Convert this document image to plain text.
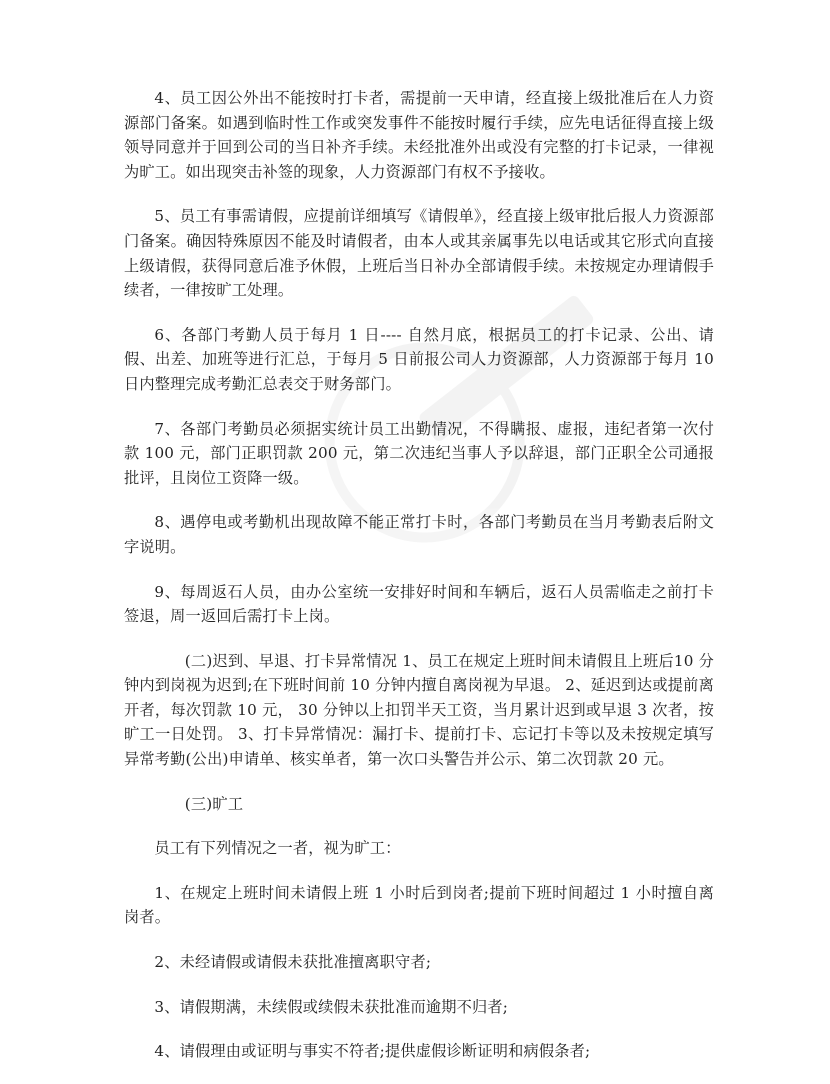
4、员工因公外出不能按时打卡者，需提前一天申请，经直接上级批准后在人力资源部门备案。如遇到临时性工作或突发事件不能按时履行手续，应先电话征得直接上级领导同意并于回到公司的当日补齐手续。未经批准外出或没有完整的打卡记录，一律视为旷工。如出现突击补签的现象，人力资源部门有权不予接收。

5、员工有事需请假，应提前详细填写《请假单》，经直接上级审批后报人力资源部门备案。确因特殊原因不能及时请假者，由本人或其亲属事先以电话或其它形式向直接上级请假，获得同意后准予休假，上班后当日补办全部请假手续。未按规定办理请假手续者，一律按旷工处理。

6、各部门考勤人员于每月 1 日---- 自然月底，根据员工的打卡记录、公出、请假、出差、加班等进行汇总，于每月 5 日前报公司人力资源部，人力资源部于每月 10 日内整理完成考勤汇总表交于财务部门。

7、各部门考勤员必须据实统计员工出勤情况，不得瞒报、虚报，违纪者第一次付款 100 元，部门正职罚款 200 元，第二次违纪当事人予以辞退，部门正职全公司通报批评，且岗位工资降一级。

8、遇停电或考勤机出现故障不能正常打卡时，各部门考勤员在当月考勤表后附文字说明。

9、每周返石人员，由办公室统一安排好时间和车辆后，返石人员需临走之前打卡签退，周一返回后需打卡上岗。

(二)迟到、早退、打卡异常情况 1、员工在规定上班时间未请假且上班后10 分钟内到岗视为迟到;在下班时间前 10 分钟内擅自离岗视为早退。 2、延迟到达或提前离开者，每次罚款 10 元， 30 分钟以上扣罚半天工资，当月累计迟到或早退 3 次者，按旷工一日处罚。 3、打卡异常情况：漏打卡、提前打卡、忘记打卡等以及未按规定填写异常考勤(公出)申请单、核实单者，第一次口头警告并公示、第二次罚款 20 元。

(三)旷工

员工有下列情况之一者，视为旷工：

1、在规定上班时间未请假上班 1 小时后到岗者;提前下班时间超过 1 小时擅自离岗者。

2、未经请假或请假未获批准擅离职守者;

3、请假期满，未续假或续假未获批准而逾期不归者;

4、请假理由或证明与事实不符者;提供虚假诊断证明和病假条者;
